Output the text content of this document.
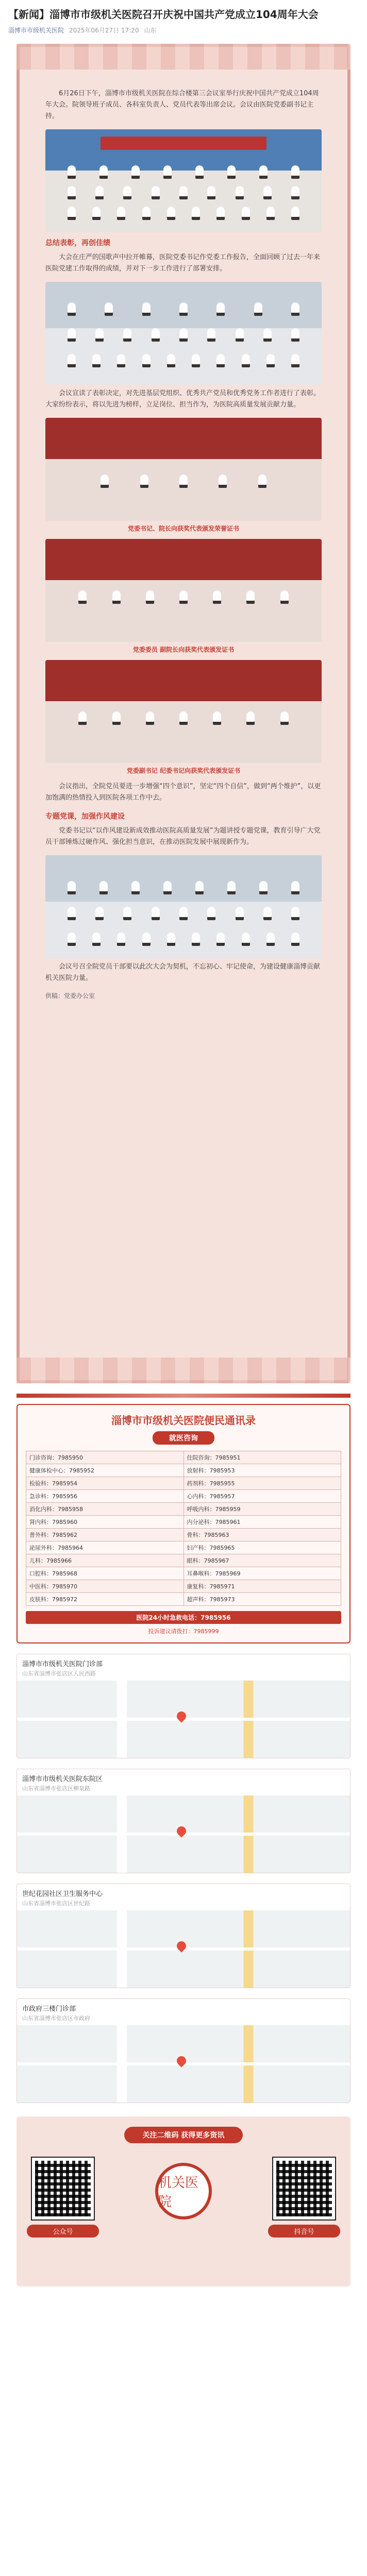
【新闻】淄博市市级机关医院召开庆祝中国共产党成立104周年大会
淄博市市级机关医院 2025年06月27日 17:20 山东

6月26日下午，淄博市市级机关医院在综合楼第三会议室举行庆祝中国共产党成立104周年大会。院领导班子成员、各科室负责人、党员代表等出席会议。会议由医院党委副书记主持。

总结表彰，再创佳绩

大会在庄严的国歌声中拉开帷幕，医院党委书记作党委工作报告，全面回顾了过去一年来医院党建工作取得的成绩，并对下一步工作进行了部署安排。

会议宣读了表彰决定，对先进基层党组织、优秀共产党员和优秀党务工作者进行了表彰。大家纷纷表示，将以先进为榜样，立足岗位、担当作为，为医院高质量发展贡献力量。

党委书记、院长向获奖代表颁发荣誉证书
党委委员 副院长向获奖代表颁发证书
党委副书记 纪委书记向获奖代表颁发证书

会议指出，全院党员要进一步增强“四个意识”，坚定“四个自信”，做到“两个维护”，以更加饱满的热情投入到医院各项工作中去。

专题党课，加强作风建设

党委书记以“以作风建设新成效推动医院高质量发展”为题讲授专题党课，教育引导广大党员干部锤炼过硬作风、强化担当意识，在推动医院发展中展现新作为。

会议号召全院党员干部要以此次大会为契机，不忘初心、牢记使命，为建设健康淄博贡献机关医院力量。

供稿：党委办公室
淄博市市级机关医院便民通讯录
就医咨询
门诊咨询：7985950	住院咨询：7985951
健康体检中心：7985952	放射科：7985953
检验科：7985954	药剂科：7985955
急诊科：7985956	心内科：7985957
消化内科：7985958	呼吸内科：7985959
肾内科：7985960	内分泌科：7985961
普外科：7985962	骨科：7985963
泌尿外科：7985964	妇产科：7985965
儿科：7985966	眼科：7985967
口腔科：7985968	耳鼻喉科：7985969
中医科：7985970	康复科：7985971
皮肤科：7985972	超声科：7985973
医院24小时急救电话：7985956
投诉建议请拨打：7985999
淄博市市级机关医院门诊部
山东省淄博市张店区人民西路
淄博市市级机关医院东院区
山东省淄博市张店区柳泉路
世纪花园社区卫生服务中心
山东省淄博市张店区世纪路
市政府三楼门诊部
山东省淄博市张店区市政府
关注二维码 获得更多资讯
公众号
机关医院
抖音号
